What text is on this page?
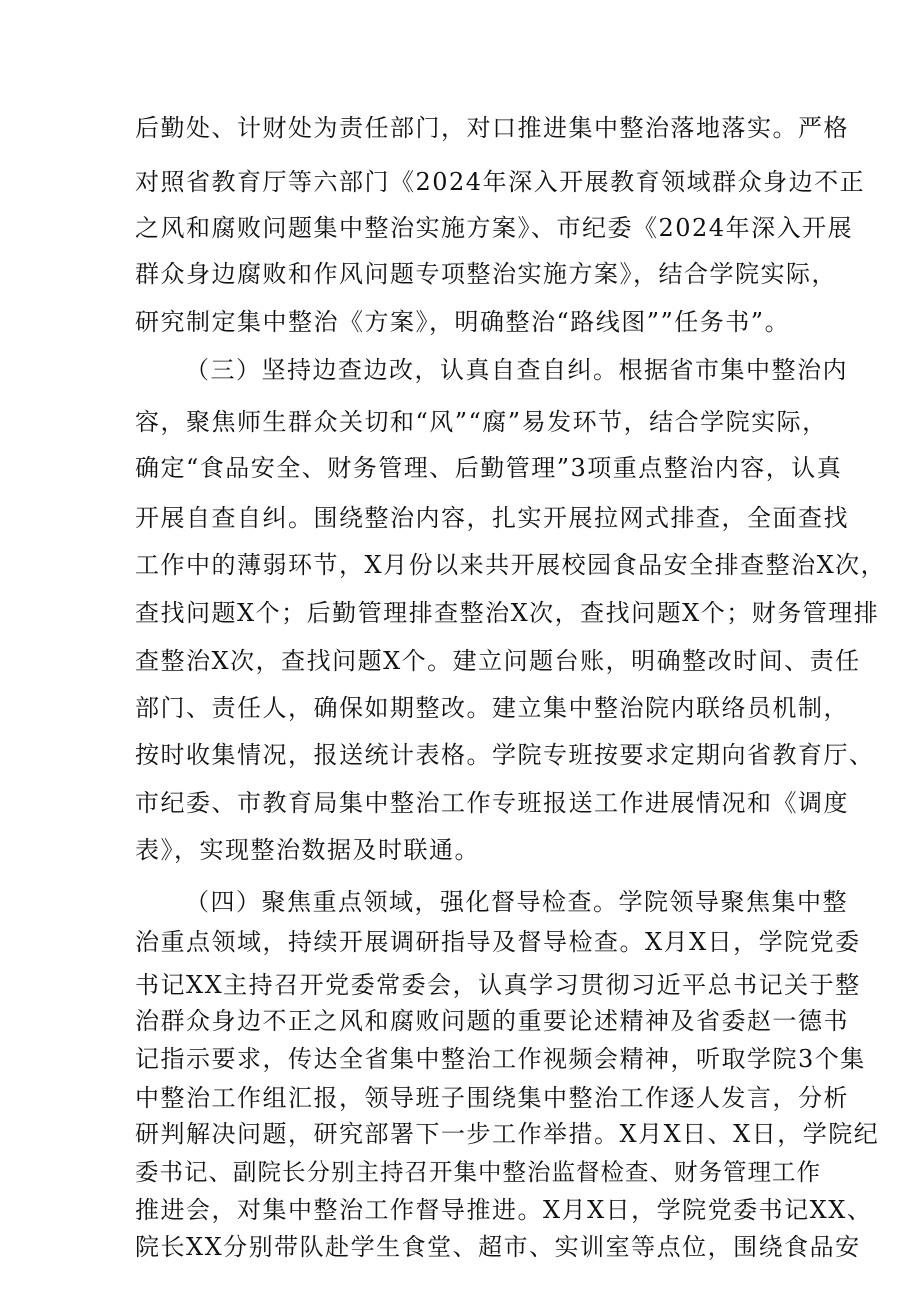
后勤处、计财处为责任部门，对口推进集中整治落地落实。严格
对照省教育厅等六部门《2024年深入开展教育领域群众身边不正
之风和腐败问题集中整治实施方案》、市纪委《2024年深入开展
群众身边腐败和作风问题专项整治实施方案》，结合学院实际，
研究制定集中整治《方案》，明确整治“路线图””任务书”。
（三）坚持边查边改，认真自查自纠。根据省市集中整治内
容，聚焦师生群众关切和“风”“腐”易发环节，结合学院实际，
确定“食品安全、财务管理、后勤管理”3项重点整治内容，认真
开展自查自纠。围绕整治内容，扎实开展拉网式排查，全面查找
工作中的薄弱环节，X月份以来共开展校园食品安全排查整治X次，
查找问题X个；后勤管理排查整治X次，查找问题X个；财务管理排
查整治X次，查找问题X个。建立问题台账，明确整改时间、责任
部门、责任人，确保如期整改。建立集中整治院内联络员机制，
按时收集情况，报送统计表格。学院专班按要求定期向省教育厅、
市纪委、市教育局集中整治工作专班报送工作进展情况和《调度
表》，实现整治数据及时联通。
（四）聚焦重点领域，强化督导检查。学院领导聚焦集中整
治重点领域，持续开展调研指导及督导检查。X月X日，学院党委
书记XX主持召开党委常委会，认真学习贯彻习近平总书记关于整
治群众身边不正之风和腐败问题的重要论述精神及省委赵一德书
记指示要求，传达全省集中整治工作视频会精神，听取学院3个集
中整治工作组汇报，领导班子围绕集中整治工作逐人发言，分析
研判解决问题，研究部署下一步工作举措。X月X日、X日，学院纪
委书记、副院长分别主持召开集中整治监督检查、财务管理工作
推进会，对集中整治工作督导推进。X月X日，学院党委书记XX、
院长XX分别带队赴学生食堂、超市、实训室等点位，围绕食品安
